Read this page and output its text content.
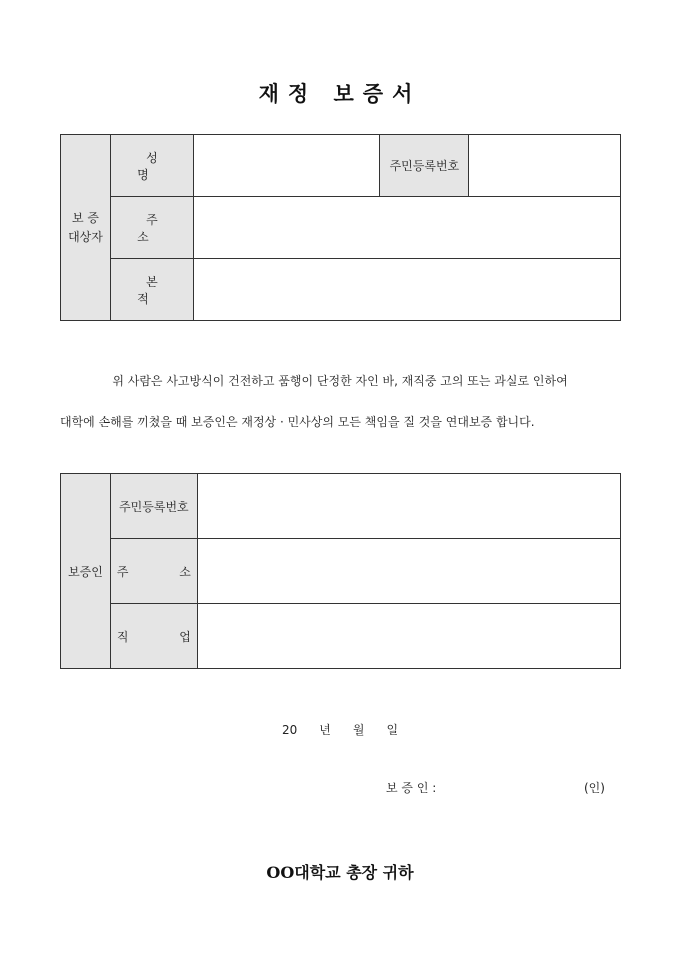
재정 보증서
보 증
대상자	성 명		주민등록번호	
	주 소			
	본 적			
위 사람은 사고방식이 건전하고 품행이 단정한 자인 바, 재직중 고의 또는 과실로 인하여
대학에 손해를 끼쳤을 때 보증인은 재정상 · 민사상의 모든 책임을 질 것을 연대보증 합니다.
보증인	주민등록번호	

	주 소	

	직 업	

20 년 월 일
보 증 인 :	(인)
OO대학교 총장 귀하
